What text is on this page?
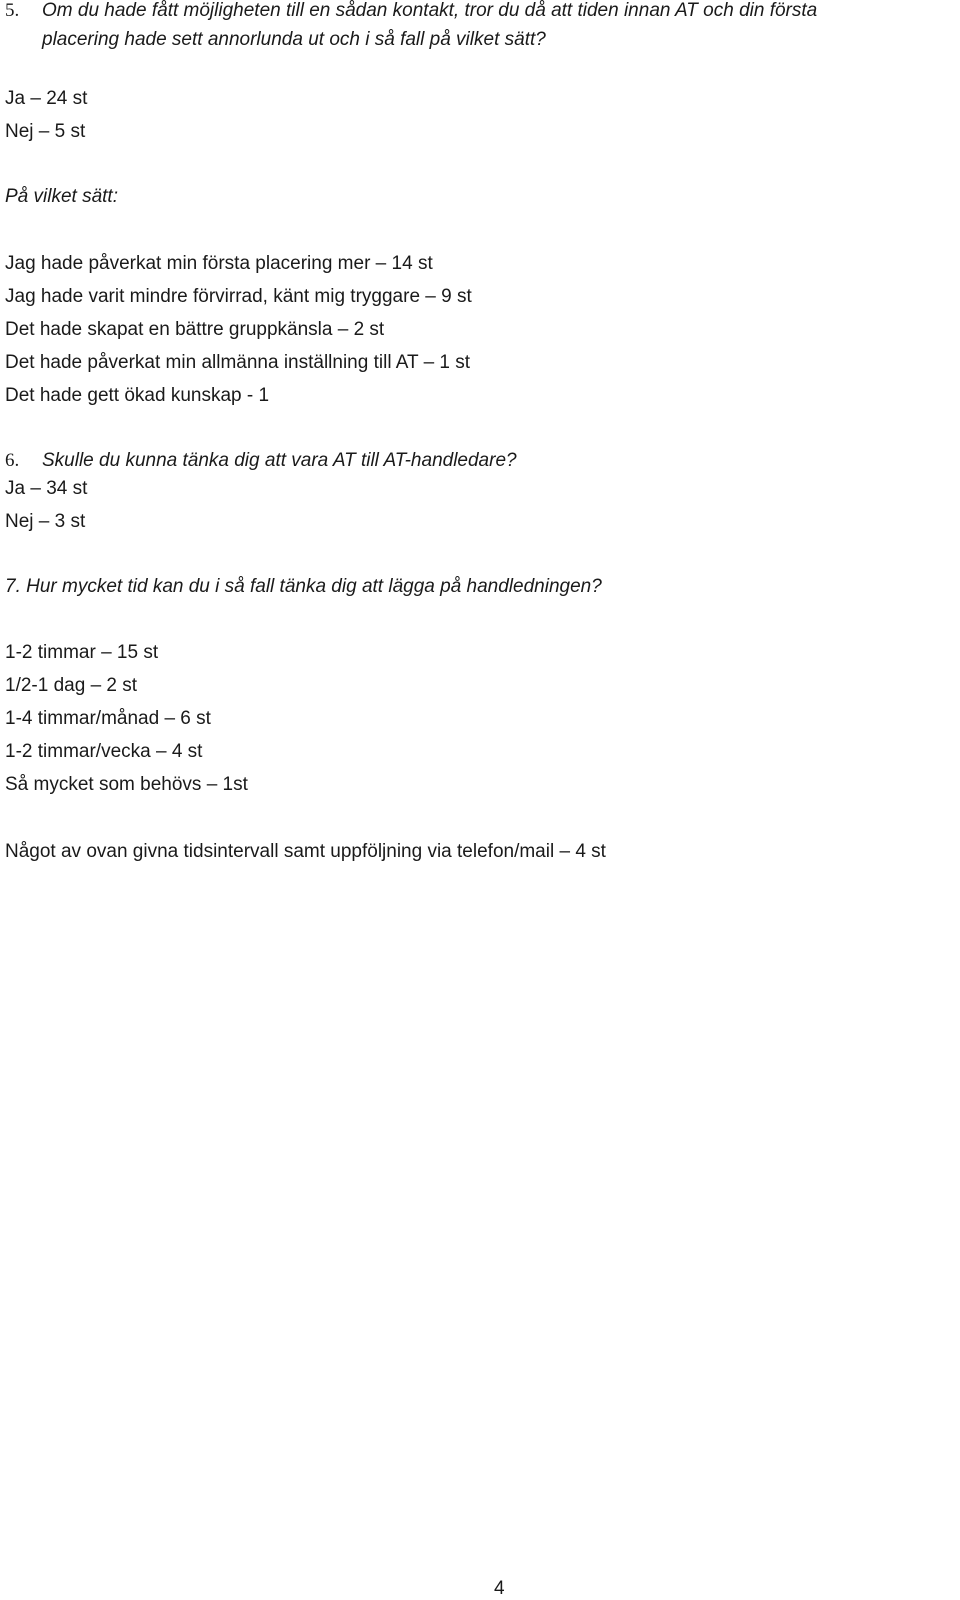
5. Om du hade fått möjligheten till en sådan kontakt, tror du då att tiden innan AT och din första
placering hade sett annorlunda ut och i så fall på vilket sätt?
Ja – 24 st
Nej – 5 st
På vilket sätt:
Jag hade påverkat min första placering mer – 14 st
Jag hade varit mindre förvirrad, känt mig tryggare – 9 st
Det hade skapat en bättre gruppkänsla – 2 st
Det hade påverkat min allmänna inställning till AT – 1 st
Det hade gett ökad kunskap - 1
6. Skulle du kunna tänka dig att vara AT till AT-handledare?
Ja – 34 st
Nej – 3 st
7. Hur mycket tid kan du i så fall tänka dig att lägga på handledningen?
1-2 timmar – 15 st
1/2-1 dag – 2 st
1-4 timmar/månad – 6 st
1-2 timmar/vecka – 4 st
Så mycket som behövs – 1st
Något av ovan givna tidsintervall samt uppföljning via telefon/mail – 4 st
4
